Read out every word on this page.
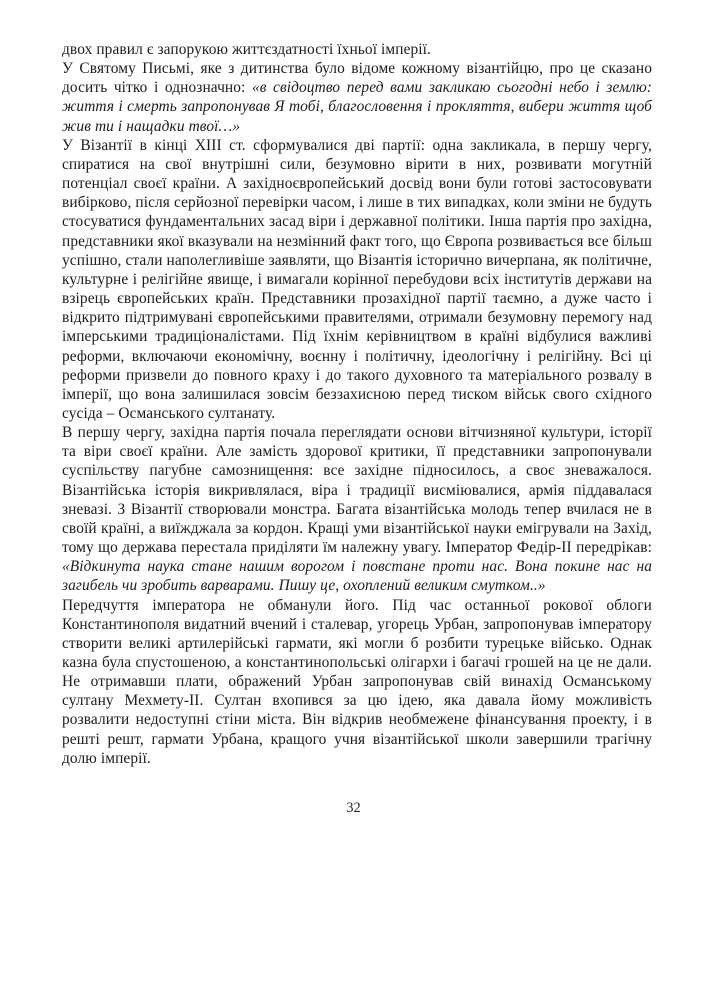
двох правил є запорукою життєздатності їхньої імперії.

У Святому Письмі, яке з дитинства було відоме кожному візантійцю, про це сказано досить чітко і однозначно: «в свідоцтво перед вами закликаю сьогодні небо і землю: життя і смерть запропонував Я тобі, благословення і прокляття, вибери життя щоб жив ти і нащадки твої…»

У Візантії в кінці XIII ст. сформувалися дві партії: одна закликала, в першу чергу, спиратися на свої внутрішні сили, безумовно вірити в них, розвивати могутній потенціал своєї країни. А західноєвропейський досвід вони були готові застосовувати вибірково, після серйозної перевірки часом, і лише в тих випадках, коли зміни не будуть стосуватися фундаментальних засад віри і державної політики. Інша партія про західна, представники якої вказували на незмінний факт того, що Європа розвивається все більш успішно, стали наполегливіше заявляти, що Візантія історично вичерпана, як політичне, культурне і релігійне явище, і вимагали корінної перебудови всіх інститутів держави на взірець європейських країн. Представники прозахідної партії таємно, а дуже часто і відкрито підтримувані європейськими правителями, отримали безумовну перемогу над імперськими традиціоналістами. Під їхнім керівництвом в країні відбулися важливі реформи, включаючи економічну, воєнну і політичну, ідеологічну і релігійну. Всі ці реформи призвели до повного краху і до такого духовного та матеріального розвалу в імперії, що вона залишилася зовсім беззахисною перед тиском військ свого східного сусіда – Османського султанату.

В першу чергу, західна партія почала переглядати основи вітчизняної культури, історії та віри своєї країни. Але замість здорової критики, її представники запропонували суспільству пагубне самознищення: все західне підносилось, а своє зневажалося. Візантійська історія викривлялася, віра і традиції висміювалися, армія піддавалася зневазі. З Візантії створювали монстра. Багата візантійська молодь тепер вчилася не в своїй країні, а виїжджала за кордон. Кращі уми візантійської науки емігрували на Захід, тому що держава перестала приділяти їм належну увагу. Імператор Федір-II передрікав: «Відкинута наука стане нашим ворогом і повстане проти нас. Вона покине нас на загибель чи зробить варварами. Пишу це, охоплений великим смутком..»

Передчуття імператора не обманули його. Під час останньої рокової облоги Константинополя видатний вчений і сталевар, угорець Урбан, запропонував імператору створити великі артилерійські гармати, які могли б розбити турецьке військо. Однак казна була спустошеною, а константинопольські олігархи і багачі грошей на це не дали. Не отримавши плати, ображений Урбан запропонував свій винахід Османському султану Мехмету-II. Султан вхопився за цю ідею, яка давала йому можливість розвалити недоступні стіни міста. Він відкрив необмежене фінансування проекту, і в решті решт, гармати Урбана, кращого учня візантійської школи завершили трагічну долю імперії.

32
